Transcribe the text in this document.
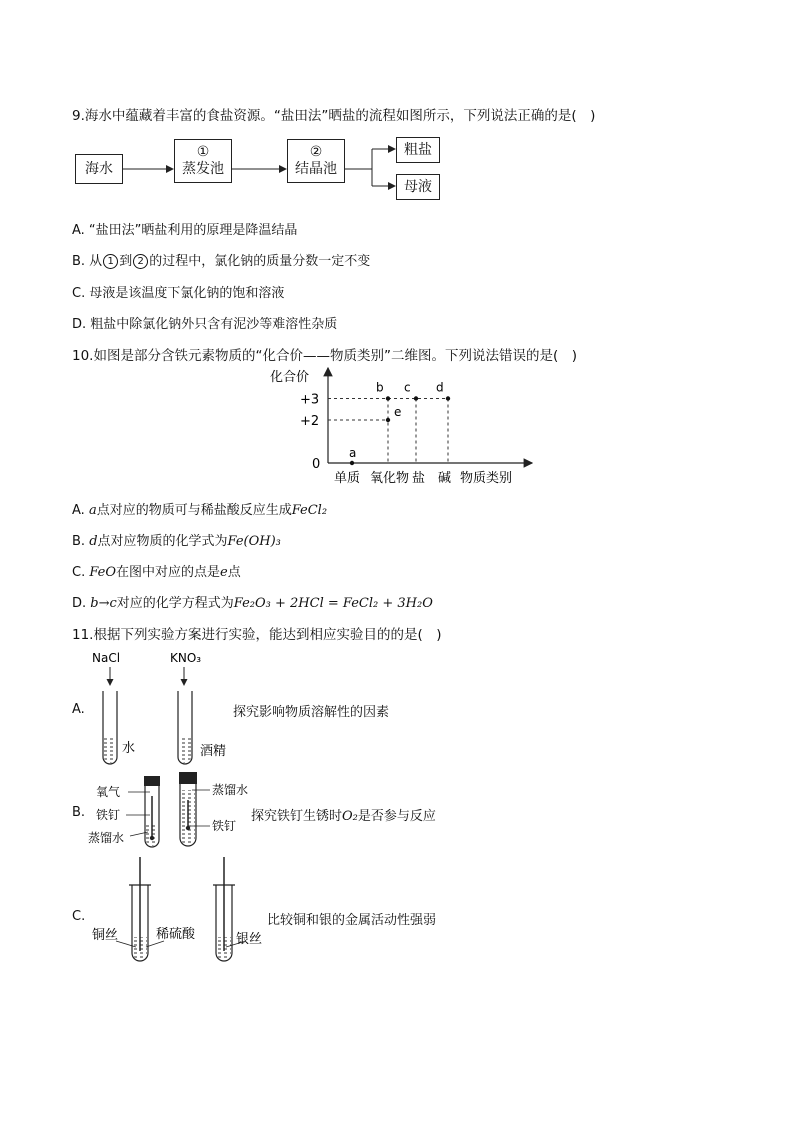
9.海水中蕴藏着丰富的食盐资源。“盐田法”晒盐的流程如图所示，下列说法正确的是(　)
海水
①
蒸发池
②
结晶池
粗盐
母液
A. “盐田法”晒盐利用的原理是降温结晶
B. 从 1 到 2 的过程中，氯化钠的质量分数一定不变
C. 母液是该温度下氯化钠的饱和溶液
D. 粗盐中除氯化钠外只含有泥沙等难溶性杂质
10.如图是部分含铁元素物质的“化合价——物质类别”二维图。下列说法错误的是(　)
化合价
+3
+2
0
a
b c d
e
单质 氧化物 盐 碱 物质类别
A. a点对应的物质可与稀盐酸反应生成FeCl₂
B. d点对应物质的化学式为Fe(OH)₃
C. FeO在图中对应的点是e点
D. b→c对应的化学方程式为Fe₂O₃ + 2HCl = FeCl₂ + 3H₂O
11.根据下列实验方案进行实验，能达到相应实验目的的是(　)
A.
NaCl	KNO₃
水	酒精
探究影响物质溶解性的因素
B.
氧气
铁钉
蒸馏水
蒸馏水
铁钉
探究铁钉生锈时O₂是否参与反应
C.
铜丝	稀硫酸	银丝
比较铜和银的金属活动性强弱
